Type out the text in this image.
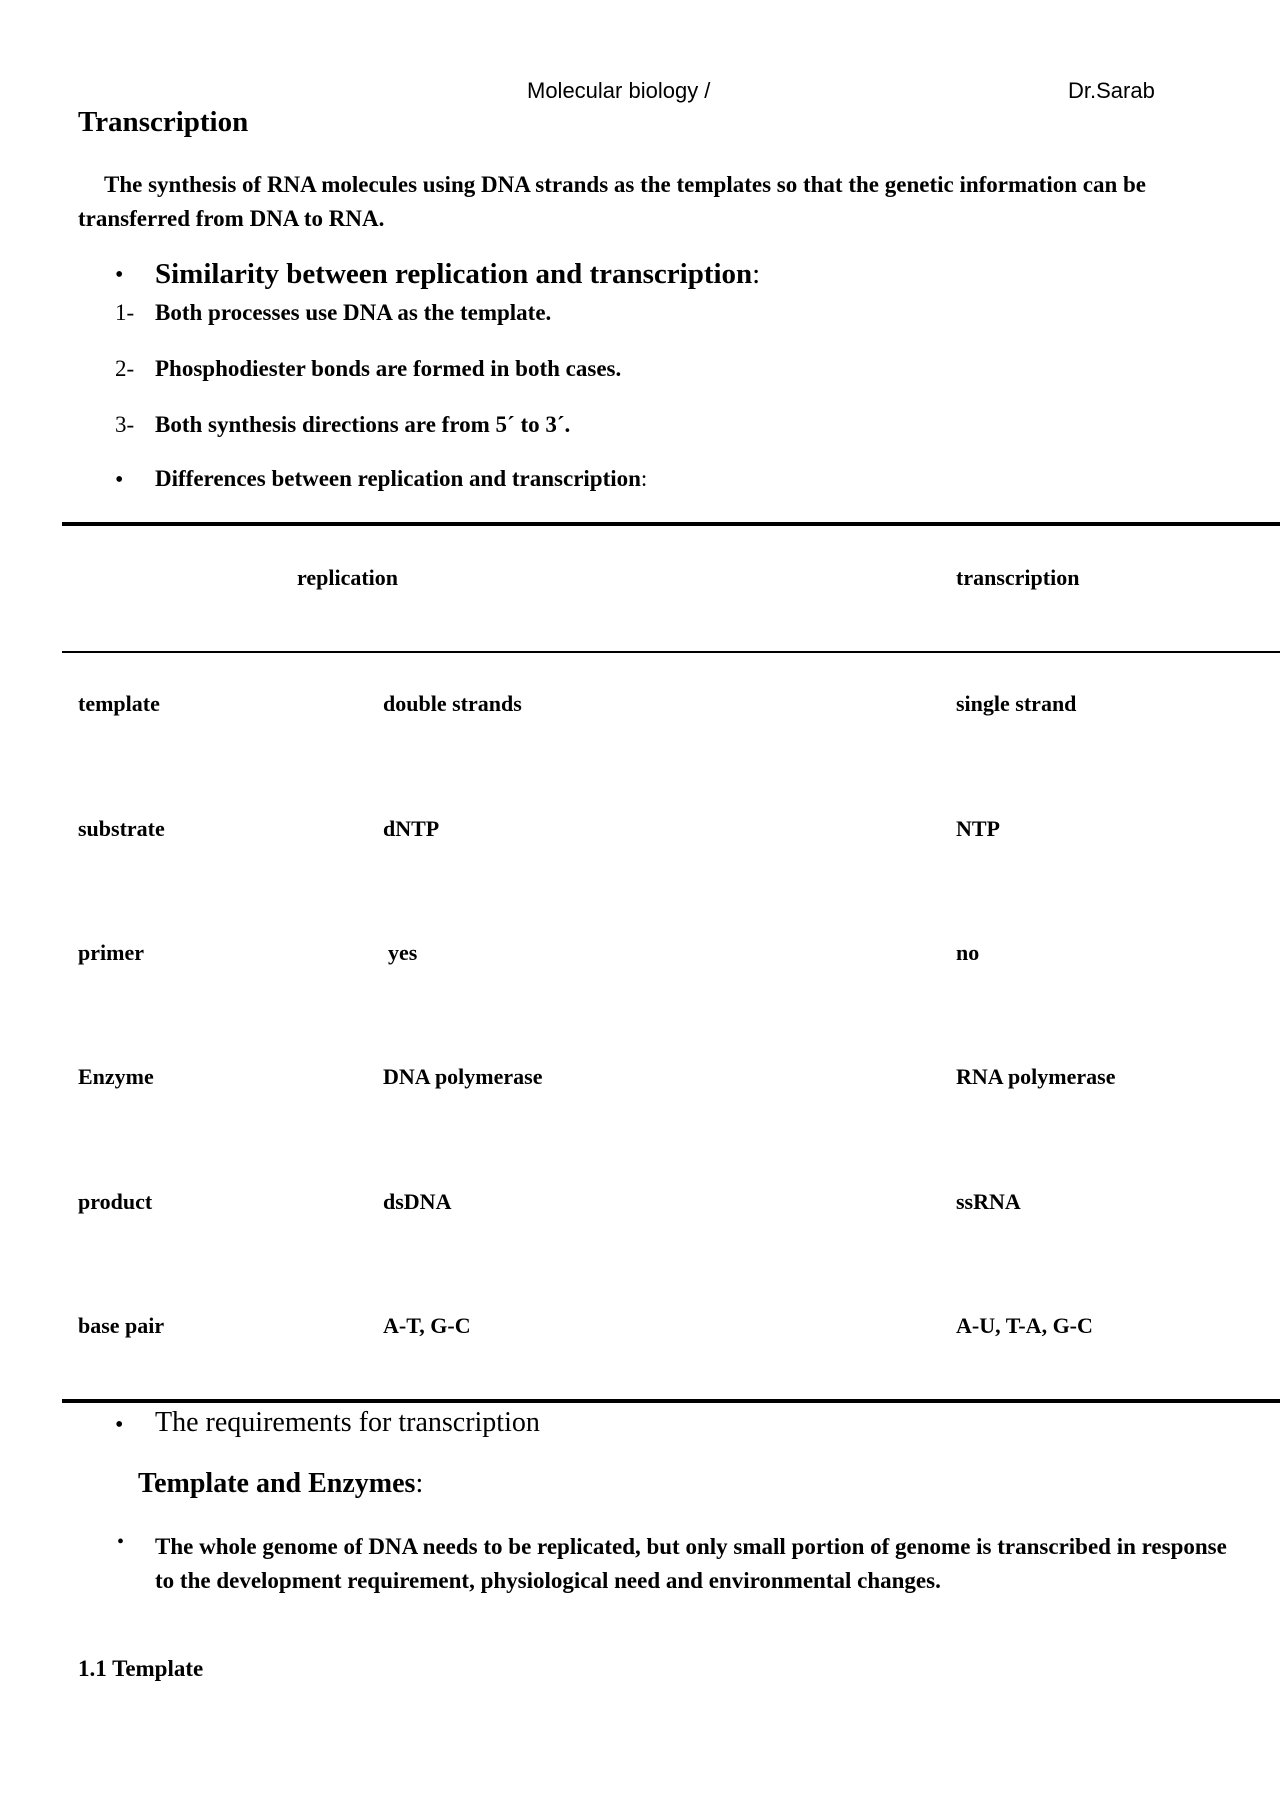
Molecular biology /	Dr.Sarab
Transcription
The synthesis of RNA molecules using DNA strands as the templates so that the genetic information can be transferred from DNA to RNA.
• Similarity between replication and transcription:
1- Both processes use DNA as the template.
2- Phosphodiester bonds are formed in both cases.
3- Both synthesis directions are from 5´ to 3´.
• Differences between replication and transcription:
replication	transcription
template	double strands	single strand
substrate	dNTP	NTP
primer	yes	no
Enzyme	DNA polymerase	RNA polymerase
product	dsDNA	ssRNA
base pair	A-T, G-C	A-U, T-A, G-C
• The requirements for transcription
Template and Enzymes:
• The whole genome of DNA needs to be replicated, but only small portion of genome is transcribed in response to the development requirement, physiological need and environmental changes.
1.1 Template
